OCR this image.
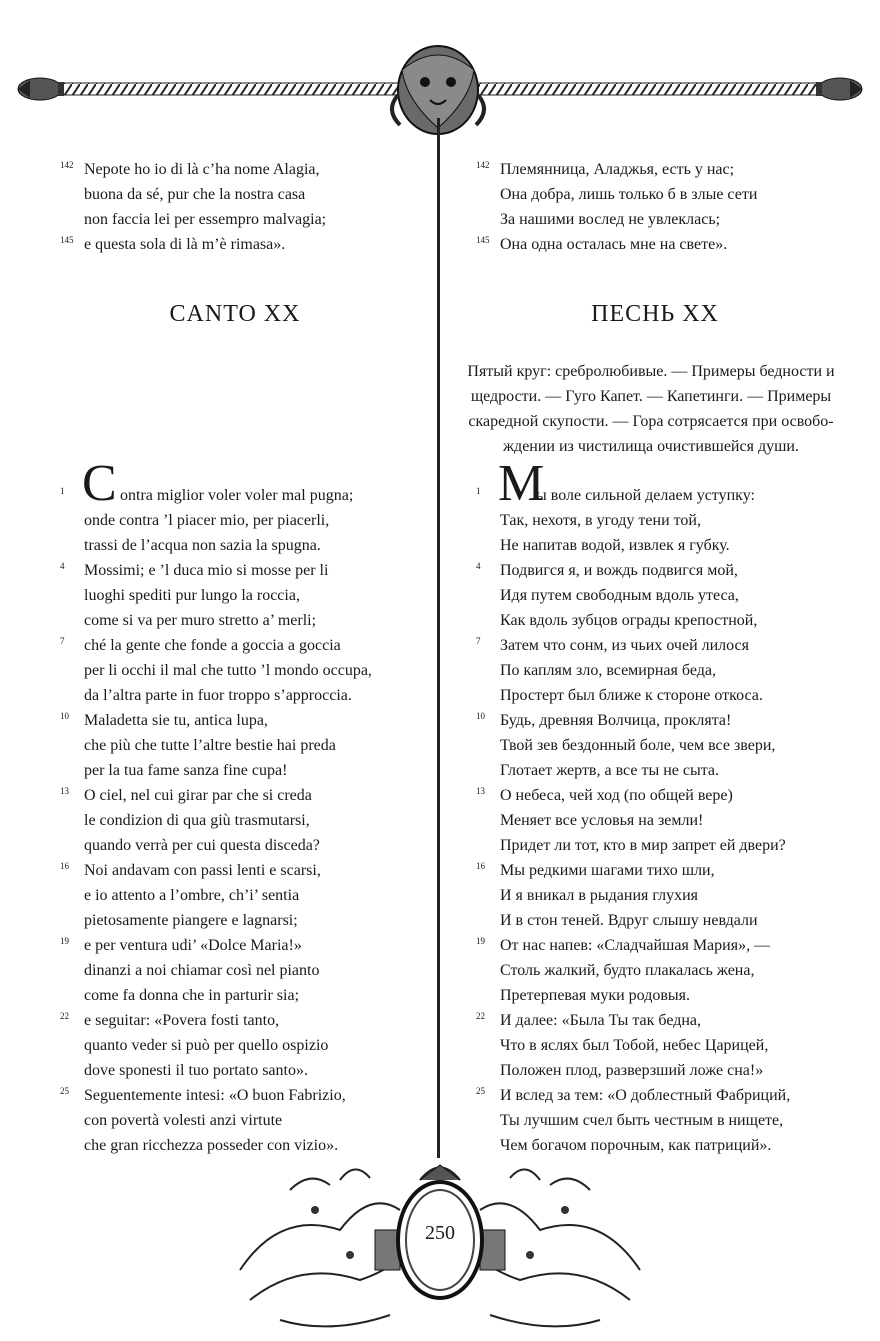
142 Nepote ho io di là c’ha nome Alagia,
buona da sé, pur che la nostra casa
non faccia lei per essempro malvagia;
145 e questa sola di là m’è rimasa».
142 Племянница, Аладжья, есть у нас;
Она добра, лишь только б в злые сети
За нашими вослед не увлеклась;
145 Она одна осталась мне на свете».
CANTO XX	ПЕСНЬ XX
Пятый круг: сребролюбивые. — Примеры бедности и
щедрости. — Гуго Капет. — Капетинги. — Примеры
скаредной скупости. — Гора сотрясается при освобо-
ждении из чистилища очистившейся души.
C	М
1	ontra miglior voler voler mal pugna;
onde contra ’l piacer mio, per piacerli,
trassi de l’acqua non sazia la spugna.
4 Mossimi; e ’l duca mio si mosse per li
luoghi spediti pur lungo la roccia,
come si va per muro stretto a’ merli;
7 ché la gente che fonde a goccia a goccia
per li occhi il mal che tutto ’l mondo occupa,
da l’altra parte in fuor troppo s’approccia.
10 Maladetta sie tu, antica lupa,
che più che tutte l’altre bestie hai preda
per la tua fame sanza fine cupa!
13 O ciel, nel cui girar par che si creda
le condizion di qua giù trasmutarsi,
quando verrà per cui questa disceda?
16 Noi andavam con passi lenti e scarsi,
e io attento a l’ombre, ch’i’ sentia
pietosamente piangere e lagnarsi;
19 e per ventura udi’ «Dolce Maria!»
dinanzi a noi chiamar così nel pianto
come fa donna che in parturir sia;
22 e seguitar: «Povera fosti tanto,
quanto veder si può per quello ospizio
dove sponesti il tuo portato santo».
25 Seguentemente intesi: «O buon Fabrizio,
con povertà volesti anzi virtute
che gran ricchezza posseder con vizio».
1	ы воле сильной делаем уступку:
Так, нехотя, в угоду тени той,
Не напитав водой, извлек я губку.
4 Подвигся я, и вождь подвигся мой,
Идя путем свободным вдоль утеса,
Как вдоль зубцов ограды крепостной,
7 Затем что сонм, из чьих очей лилося
По каплям зло, всемирная беда,
Простерт был ближе к стороне откоса.
10 Будь, древняя Волчица, проклята!
Твой зев бездонный боле, чем все звери,
Глотает жертв, а все ты не сыта.
13 О небеса, чей ход (по общей вере)
Меняет все условья на земли!
Придет ли тот, кто в мир запрет ей двери?
16 Мы редкими шагами тихо шли,
И я вникал в рыдания глухия
И в стон теней. Вдруг слышу невдали
19 От нас напев: «Сладчайшая Мария», —
Столь жалкий, будто плакалась жена,
Претерпевая муки родовыя.
22 И далее: «Была Ты так бедна,
Что в яслях был Тобой, небес Царицей,
Положен плод, разверзший ложе сна!»
25 И вслед за тем: «О доблестный Фабриций,
Ты лучшим счел быть честным в нищете,
Чем богачом порочным, как патриций».
250
